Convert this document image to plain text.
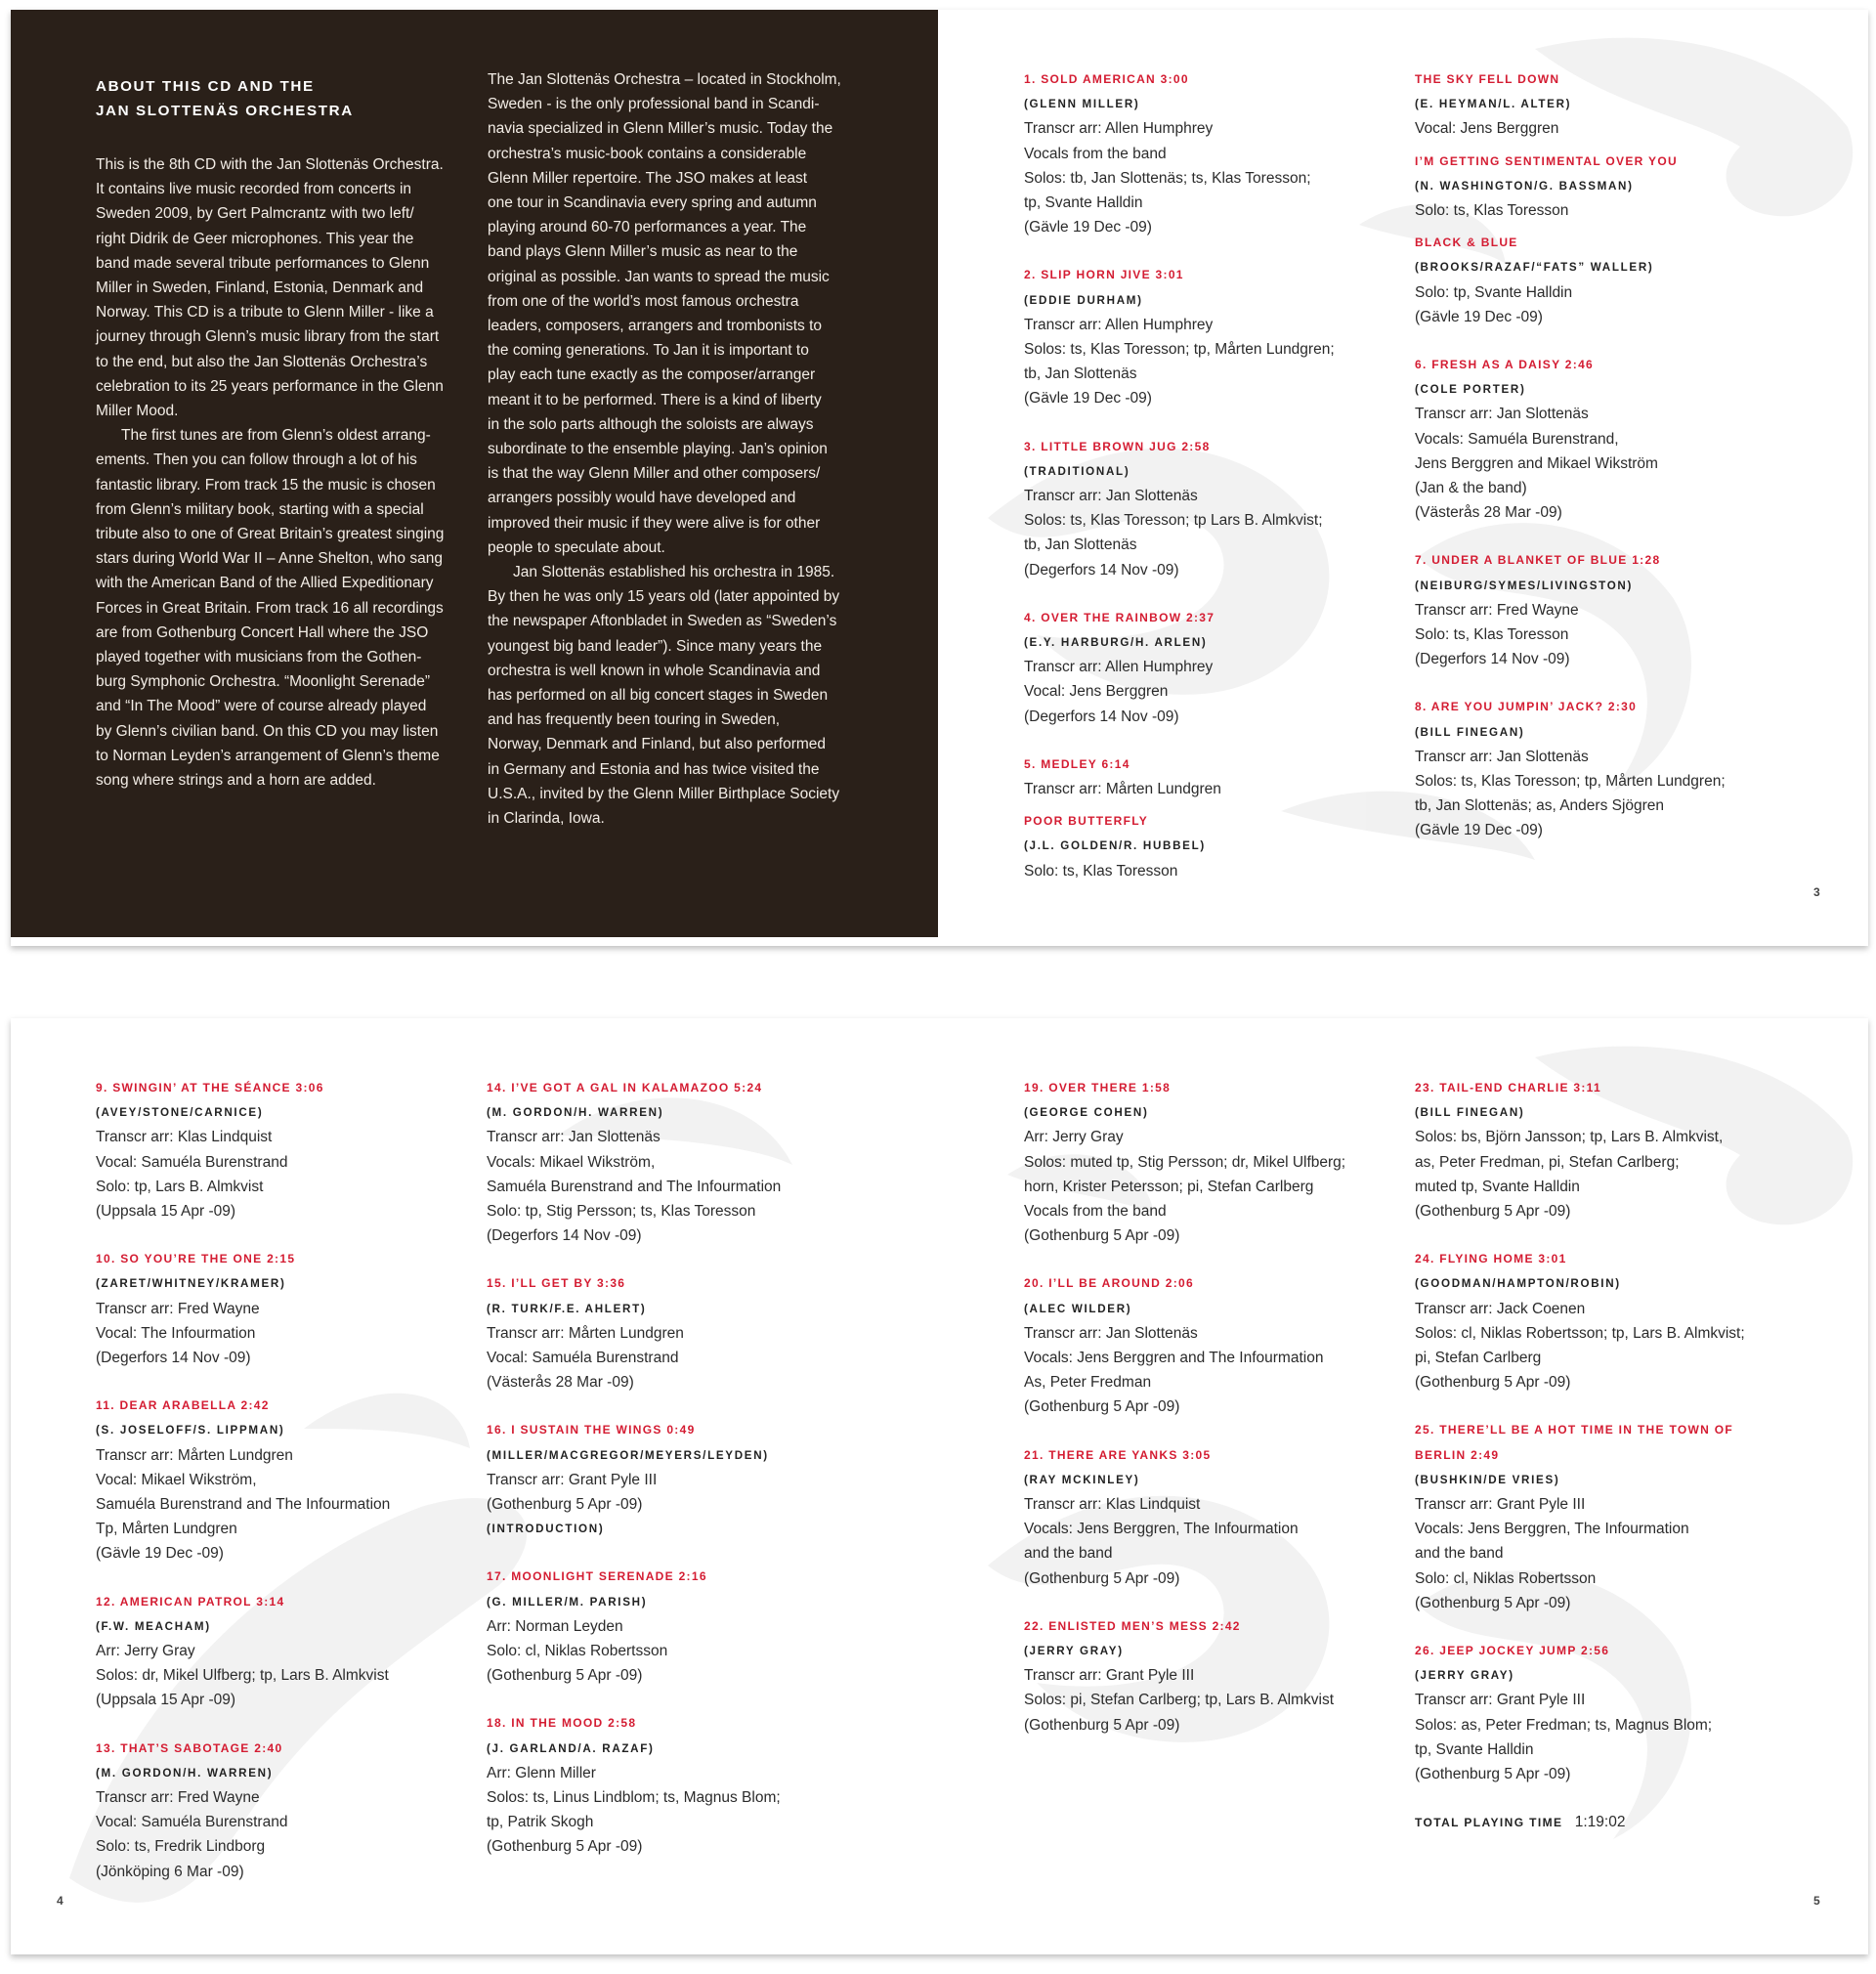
ABOUT THIS CD AND THE
JAN SLOTTENÄS ORCHESTRA

This is the 8th CD with the Jan Slottenäs Orchestra.
It contains live music recorded from concerts in
Sweden 2009, by Gert Palmcrantz with two left/
right Didrik de Geer microphones. This year the
band made several tribute performances to Glenn
Miller in Sweden, Finland, Estonia, Denmark and
Norway. This CD is a tribute to Glenn Miller - like a
journey through Glenn’s music library from the start
to the end, but also the Jan Slottenäs Orchestra’s
celebration to its 25 years performance in the Glenn
Miller Mood.
The first tunes are from Glenn’s oldest arrang-
ements. Then you can follow through a lot of his
fantastic library. From track 15 the music is chosen
from Glenn’s military book, starting with a special
tribute also to one of Great Britain’s greatest singing
stars during World War II – Anne Shelton, who sang
with the American Band of the Allied Expeditionary
Forces in Great Britain. From track 16 all recordings
are from Gothenburg Concert Hall where the JSO
played together with musicians from the Gothen-
burg Symphonic Orchestra. “Moonlight Serenade”
and “In The Mood” were of course already played
by Glenn’s civilian band. On this CD you may listen
to Norman Leyden’s arrangement of Glenn’s theme
song where strings and a horn are added.

The Jan Slottenäs Orchestra – located in Stockholm,
Sweden - is the only professional band in Scandi-
navia specialized in Glenn Miller’s music. Today the
orchestra’s music-book contains a considerable
Glenn Miller repertoire. The JSO makes at least
one tour in Scandinavia every spring and autumn
playing around 60-70 performances a year. The
band plays Glenn Miller’s music as near to the
original as possible. Jan wants to spread the music
from one of the world’s most famous orchestra
leaders, composers, arrangers and trombonists to
the coming generations. To Jan it is important to
play each tune exactly as the composer/arranger
meant it to be performed. There is a kind of liberty
in the solo parts although the soloists are always
subordinate to the ensemble playing. Jan’s opinion
is that the way Glenn Miller and other composers/
arrangers possibly would have developed and
improved their music if they were alive is for other
people to speculate about.
Jan Slottenäs established his orchestra in 1985.
By then he was only 15 years old (later appointed by
the newspaper Aftonbladet in Sweden as “Sweden’s
youngest big band leader”). Since many years the
orchestra is well known in whole Scandinavia and
has performed on all big concert stages in Sweden
and has frequently been touring in Sweden,
Norway, Denmark and Finland, but also performed
in Germany and Estonia and has twice visited the
U.S.A., invited by the Glenn Miller Birthplace Society
in Clarinda, Iowa.

1. SOLD AMERICAN 3:00
(GLENN MILLER)
Transcr arr: Allen Humphrey
Vocals from the band
Solos: tb, Jan Slottenäs; ts, Klas Toresson;
tp, Svante Halldin
(Gävle 19 Dec -09)
2. SLIP HORN JIVE 3:01
(EDDIE DURHAM)
Transcr arr: Allen Humphrey
Solos: ts, Klas Toresson; tp, Mårten Lundgren;
tb, Jan Slottenäs
(Gävle 19 Dec -09)
3. LITTLE BROWN JUG 2:58
(TRADITIONAL)
Transcr arr: Jan Slottenäs
Solos: ts, Klas Toresson; tp Lars B. Almkvist;
tb, Jan Slottenäs
(Degerfors 14 Nov -09)
4. OVER THE RAINBOW 2:37
(E.Y. HARBURG/H. ARLEN)
Transcr arr: Allen Humphrey
Vocal: Jens Berggren
(Degerfors 14 Nov -09)
5. MEDLEY 6:14
Transcr arr: Mårten Lundgren
POOR BUTTERFLY
(J.L. GOLDEN/R. HUBBEL)
Solo: ts, Klas Toresson
THE SKY FELL DOWN
(E. HEYMAN/L. ALTER)
Vocal: Jens Berggren
I’M GETTING SENTIMENTAL OVER YOU
(N. WASHINGTON/G. BASSMAN)
Solo: ts, Klas Toresson
BLACK & BLUE
(BROOKS/RAZAF/“FATS” WALLER)
Solo: tp, Svante Halldin
(Gävle 19 Dec -09)
6. FRESH AS A DAISY 2:46
(COLE PORTER)
Transcr arr: Jan Slottenäs
Vocals: Samuéla Burenstrand,
Jens Berggren and Mikael Wikström
(Jan & the band)
(Västerås 28 Mar -09)
7. UNDER A BLANKET OF BLUE 1:28
(NEIBURG/SYMES/LIVINGSTON)
Transcr arr: Fred Wayne
Solo: ts, Klas Toresson
(Degerfors 14 Nov -09)
8. ARE YOU JUMPIN’ JACK? 2:30
(BILL FINEGAN)
Transcr arr: Jan Slottenäs
Solos: ts, Klas Toresson; tp, Mårten Lundgren;
tb, Jan Slottenäs; as, Anders Sjögren
(Gävle 19 Dec -09)
3
9. SWINGIN’ AT THE SÉANCE 3:06
(AVEY/STONE/CARNICE)
Transcr arr: Klas Lindquist
Vocal: Samuéla Burenstrand
Solo: tp, Lars B. Almkvist
(Uppsala 15 Apr -09)
10. SO YOU’RE THE ONE 2:15
(ZARET/WHITNEY/KRAMER)
Transcr arr: Fred Wayne
Vocal: The Infourmation
(Degerfors 14 Nov -09)
11. DEAR ARABELLA 2:42
(S. JOSELOFF/S. LIPPMAN)
Transcr arr: Mårten Lundgren
Vocal: Mikael Wikström,
Samuéla Burenstrand and The Infourmation
Tp, Mårten Lundgren
(Gävle 19 Dec -09)
12. AMERICAN PATROL 3:14
(F.W. MEACHAM)
Arr: Jerry Gray
Solos: dr, Mikel Ulfberg; tp, Lars B. Almkvist
(Uppsala 15 Apr -09)
13. THAT’S SABOTAGE 2:40
(M. GORDON/H. WARREN)
Transcr arr: Fred Wayne
Vocal: Samuéla Burenstrand
Solo: ts, Fredrik Lindborg
(Jönköping 6 Mar -09)
14. I’VE GOT A GAL IN KALAMAZOO 5:24
(M. GORDON/H. WARREN)
Transcr arr: Jan Slottenäs
Vocals: Mikael Wikström,
Samuéla Burenstrand and The Infourmation
Solo: tp, Stig Persson; ts, Klas Toresson
(Degerfors 14 Nov -09)
15. I’LL GET BY 3:36
(R. TURK/F.E. AHLERT)
Transcr arr: Mårten Lundgren
Vocal: Samuéla Burenstrand
(Västerås 28 Mar -09)
16. I SUSTAIN THE WINGS 0:49
(MILLER/MACGREGOR/MEYERS/LEYDEN)
Transcr arr: Grant Pyle III
(Gothenburg 5 Apr -09)
(INTRODUCTION)
17. MOONLIGHT SERENADE 2:16
(G. MILLER/M. PARISH)
Arr: Norman Leyden
Solo: cl, Niklas Robertsson
(Gothenburg 5 Apr -09)
18. IN THE MOOD 2:58
(J. GARLAND/A. RAZAF)
Arr: Glenn Miller
Solos: ts, Linus Lindblom; ts, Magnus Blom;
tp, Patrik Skogh
(Gothenburg 5 Apr -09)
19. OVER THERE 1:58
(GEORGE COHEN)
Arr: Jerry Gray
Solos: muted tp, Stig Persson; dr, Mikel Ulfberg;
horn, Krister Petersson; pi, Stefan Carlberg
Vocals from the band
(Gothenburg 5 Apr -09)
20. I’LL BE AROUND 2:06
(ALEC WILDER)
Transcr arr: Jan Slottenäs
Vocals: Jens Berggren and The Infourmation
As, Peter Fredman
(Gothenburg 5 Apr -09)
21. THERE ARE YANKS 3:05
(RAY MCKINLEY)
Transcr arr: Klas Lindquist
Vocals: Jens Berggren, The Infourmation
and the band
(Gothenburg 5 Apr -09)
22. ENLISTED MEN’S MESS 2:42
(JERRY GRAY)
Transcr arr: Grant Pyle III
Solos: pi, Stefan Carlberg; tp, Lars B. Almkvist
(Gothenburg 5 Apr -09)
23. TAIL-END CHARLIE 3:11
(BILL FINEGAN)
Solos: bs, Björn Jansson; tp, Lars B. Almkvist,
as, Peter Fredman, pi, Stefan Carlberg;
muted tp, Svante Halldin
(Gothenburg 5 Apr -09)
24. FLYING HOME 3:01
(GOODMAN/HAMPTON/ROBIN)
Transcr arr: Jack Coenen
Solos: cl, Niklas Robertsson; tp, Lars B. Almkvist;
pi, Stefan Carlberg
(Gothenburg 5 Apr -09)
25. THERE’LL BE A HOT TIME IN THE TOWN OF
BERLIN 2:49
(BUSHKIN/DE VRIES)
Transcr arr: Grant Pyle III
Vocals: Jens Berggren, The Infourmation
and the band
Solo: cl, Niklas Robertsson
(Gothenburg 5 Apr -09)
26. JEEP JOCKEY JUMP 2:56
(JERRY GRAY)
Transcr arr: Grant Pyle III
Solos: as, Peter Fredman; ts, Magnus Blom;
tp, Svante Halldin
(Gothenburg 5 Apr -09)
TOTAL PLAYING TIME 1:19:02
4	5
